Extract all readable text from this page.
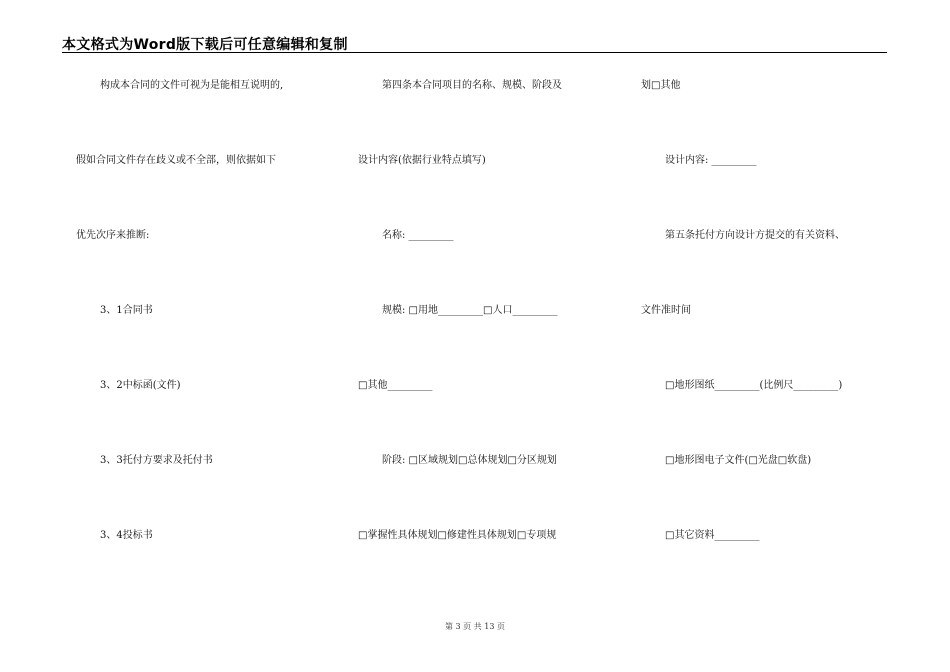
本文格式为Word版下载后可任意编辑和复制
构成本合同的文件可视为是能相互说明的,
假如合同文件存在歧义或不全部，则依据如下
优先次序来推断:
3、1合同书
3、2中标函(文件)
3、3托付方要求及托付书
3、4投标书
第四条本合同项目的名称、规模、阶段及
设计内容(依据行业特点填写)
名称: _________
规模: □用地_________□人口_________
□其他_________
阶段: □区域规划□总体规划□分区规划
□掌握性具体规划□修建性具体规划□专项规
划□其他
设计内容: _________
第五条托付方向设计方提交的有关资料、
文件准时间
□地形图纸_________(比例尺_________)
□地形图电子文件(□光盘□软盘)
□其它资料_________
第 3 页 共 13 页
